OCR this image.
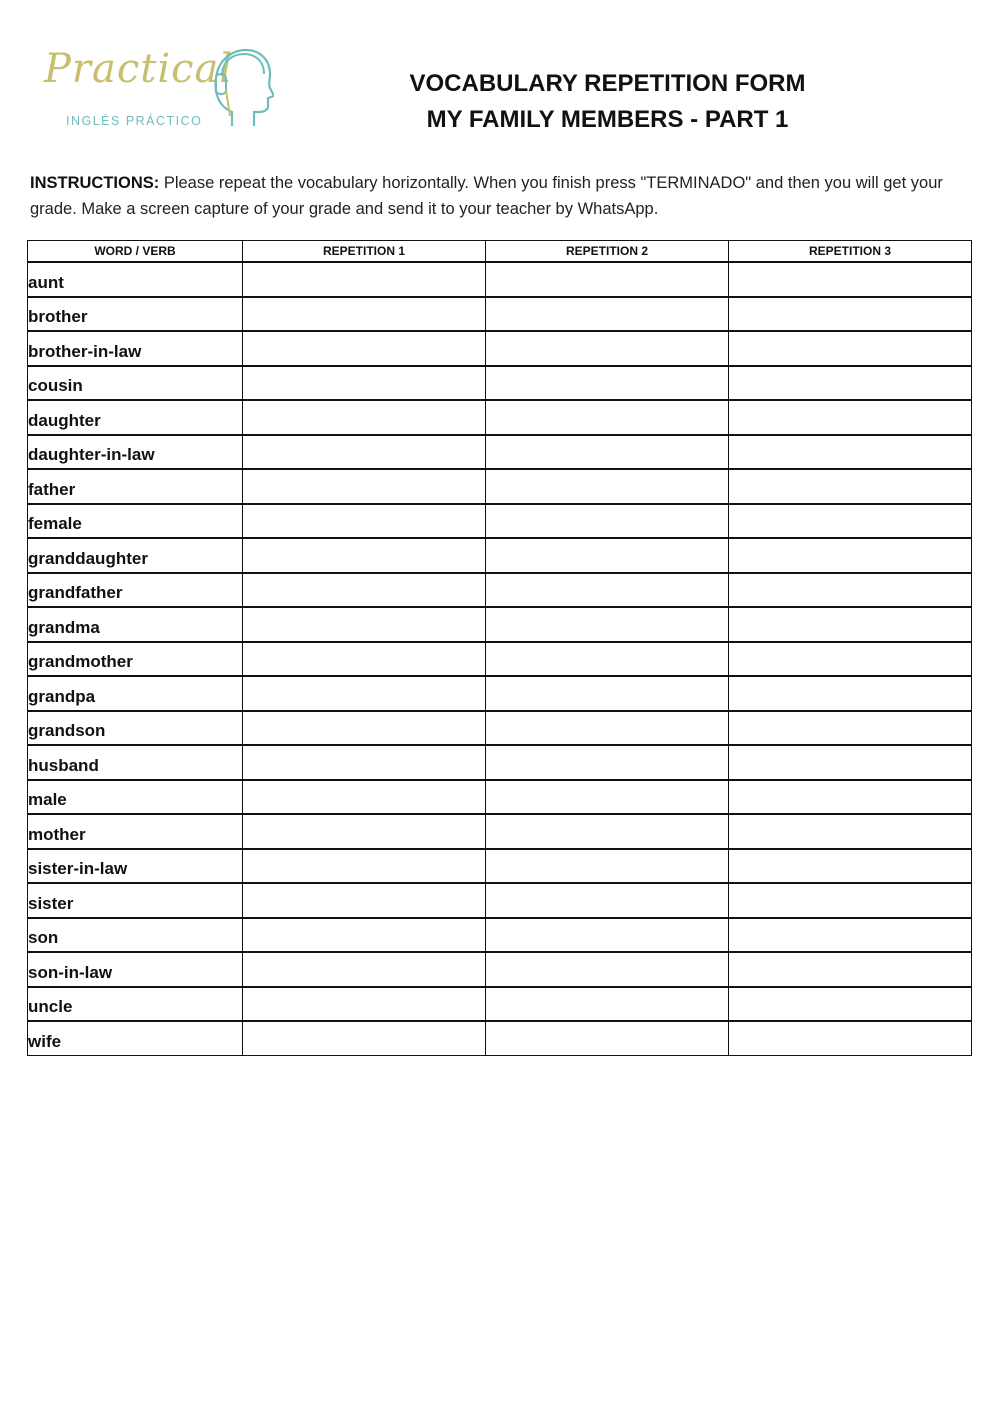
Practical
INGLÉS PRÁCTICO
VOCABULARY REPETITION FORM
MY FAMILY MEMBERS - PART 1
INSTRUCTIONS: Please repeat the vocabulary horizontally. When you finish press "TERMINADO" and then you will get your grade. Make a screen capture of your grade and send it to your teacher by WhatsApp.
WORD / VERB	REPETITION 1	REPETITION 2	REPETITION 3
aunt			
brother			
brother-in-law			
cousin			
daughter			
daughter-in-law			
father			
female			
granddaughter			
grandfather			
grandma			
grandmother			
grandpa			
grandson			
husband			
male			
mother			
sister-in-law			
sister			
son			
son-in-law			
uncle			
wife			
